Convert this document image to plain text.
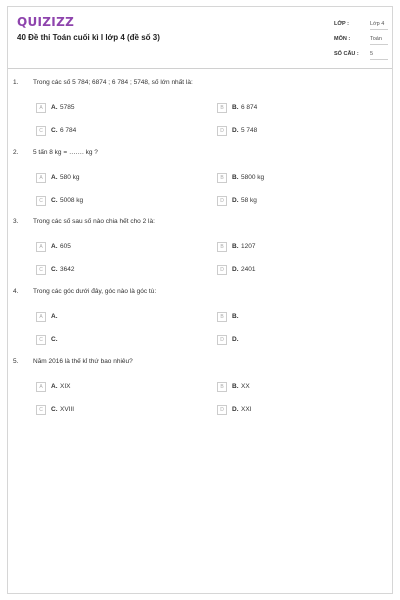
QUIZIZZ
40 Đề thi Toán cuối kì I lớp 4 (đề số 3)
LỚP :	Lớp 4
MÔN :	Toán
SỐ CÂU : 5
1. Trong các số 5 784; 6874 ; 6 784 ; 5748, số lớn nhất là:
A	A. 5785	B	B. 6 874
C	C. 6 784	D	D. 5 748
2. 5 tấn 8 kg = ……. kg ?
A	A. 580 kg	B	B. 5800 kg
C	C. 5008 kg	D	D. 58 kg
3. Trong các số sau số nào chia hết cho 2 là:
A	A. 605	B	B. 1207
C	C. 3642	D	D. 2401
4. Trong các góc dưới đây, góc nào là góc tù:
A	A.	B	B.
C	C.	D	D.
5. Năm 2016 là thế kỉ thứ bao nhiêu?
A	A. XIX	B	B. XX
C	C. XVIII	D	D. XXI
